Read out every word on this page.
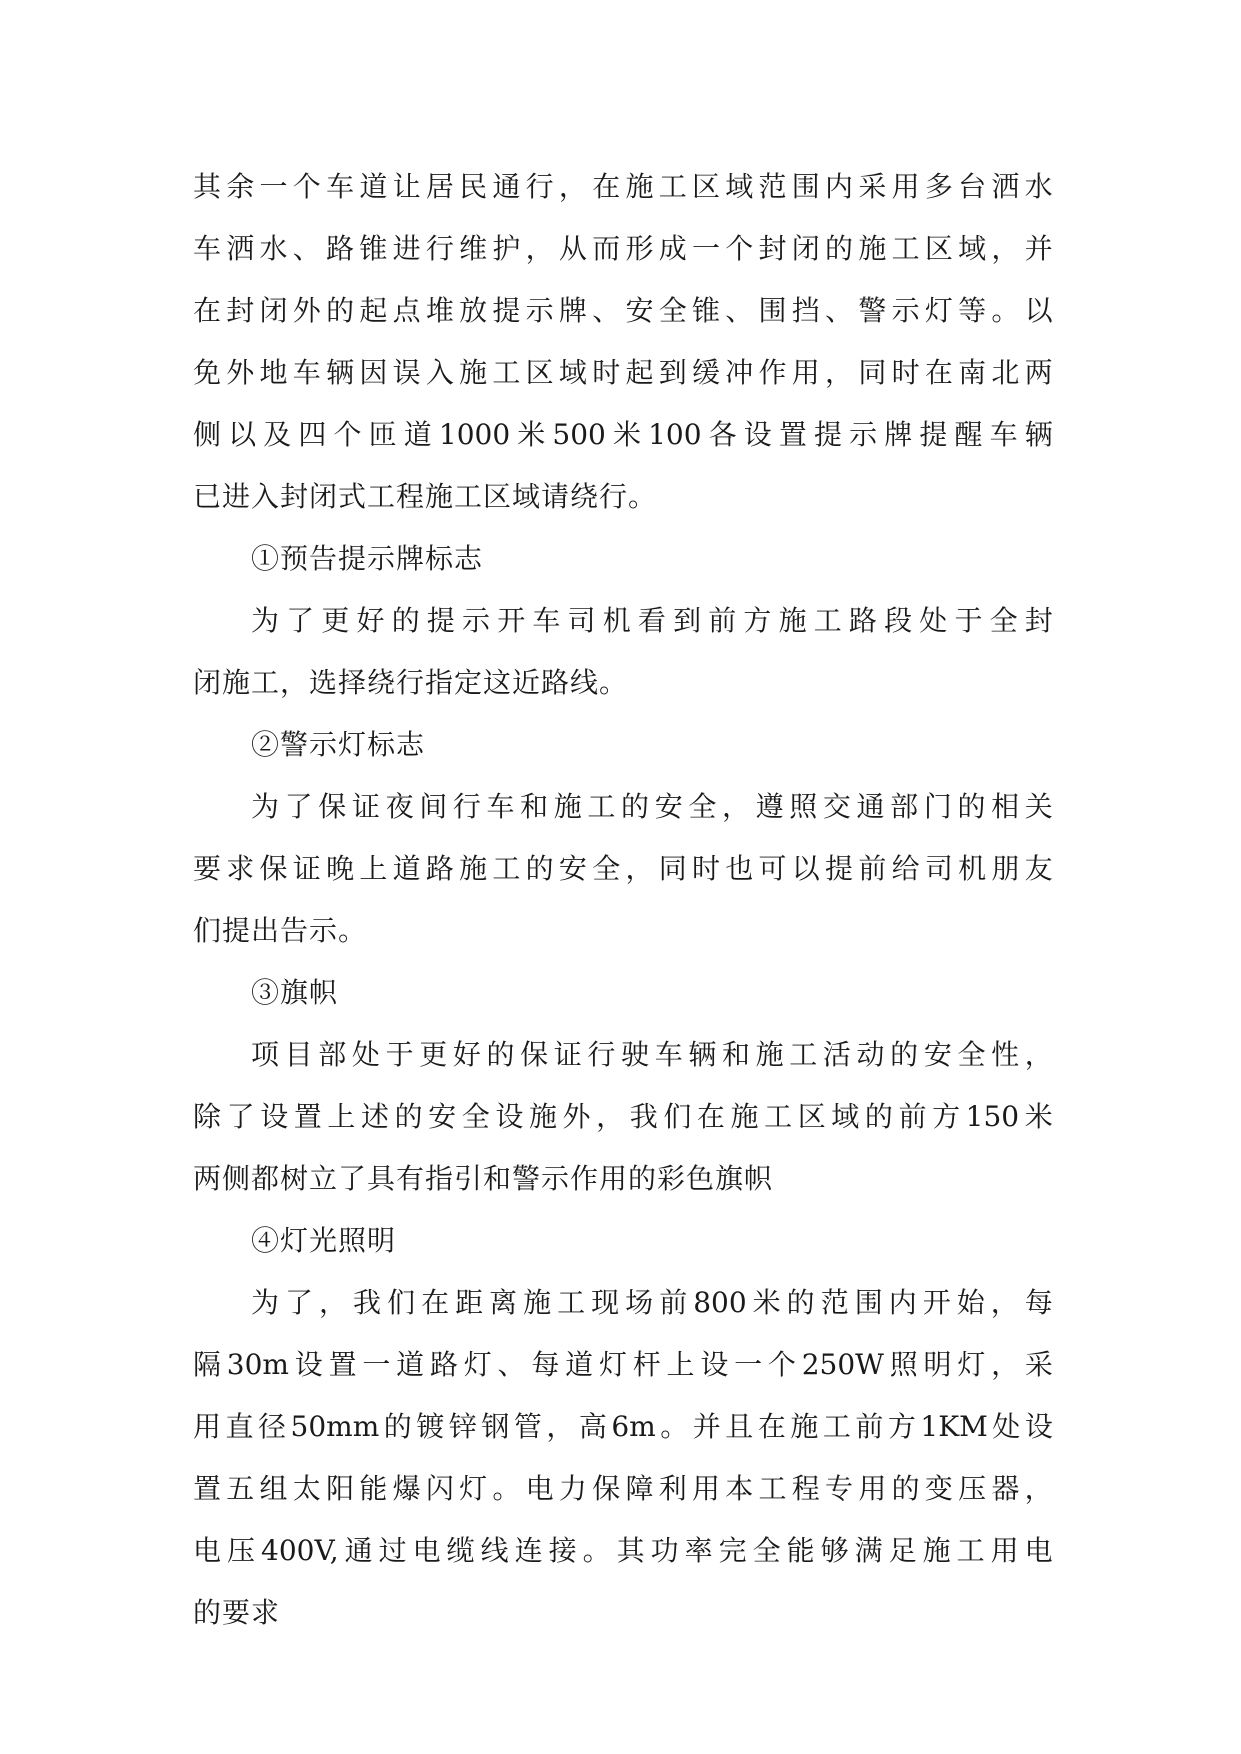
其 余 一 个 车 道 让 居 民 通 行 ， 在 施 工 区 域 范 围 内 采 用 多 台 洒 水
车 洒 水 、 路 锥 进 行 维 护 ， 从 而 形 成 一 个 封 闭 的 施 工 区 域 ， 并
在 封 闭 外 的 起 点 堆 放 提 示 牌 、 安 全 锥 、 围 挡 、 警 示 灯 等 。 以
免 外 地 车 辆 因 误 入 施 工 区 域 时 起 到 缓 冲 作 用 ， 同 时 在 南 北 两
侧 以 及 四 个 匝 道 1000 米 500 米 100 各 设 置 提 示 牌 提 醒 车 辆
已进入封闭式工程施工区域请绕行。
①预告提示牌标志
为 了 更 好 的 提 示 开 车 司 机 看 到 前 方 施 工 路 段 处 于 全 封
闭施工，选择绕行指定这近路线。
②警示灯标志
为 了 保 证 夜 间 行 车 和 施 工 的 安 全 ， 遵 照 交 通 部 门 的 相 关
要 求 保 证 晚 上 道 路 施 工 的 安 全 ， 同 时 也 可 以 提 前 给 司 机 朋 友
们提出告示。
③旗帜
项 目 部 处 于 更 好 的 保 证 行 驶 车 辆 和 施 工 活 动 的 安 全 性 ，
除 了 设 置 上 述 的 安 全 设 施 外 ， 我 们 在 施 工 区 域 的 前 方 150 米
两侧都树立了具有指引和警示作用的彩色旗帜
④灯光照明
为 了 ， 我 们 在 距 离 施 工 现 场 前 800 米 的 范 围 内 开 始 ， 每
隔 30m 设 置 一 道 路 灯 、 每 道 灯 杆 上 设 一 个 250W 照 明 灯 ， 采
用 直 径 50mm 的 镀 锌 钢 管 ， 高 6m 。 并 且 在 施 工 前 方 1KM 处 设
置 五 组 太 阳 能 爆 闪 灯 。 电 力 保 障 利 用 本 工 程 专 用 的 变 压 器 ，
电 压 400V, 通 过 电 缆 线 连 接 。 其 功 率 完 全 能 够 满 足 施 工 用 电
的要求
